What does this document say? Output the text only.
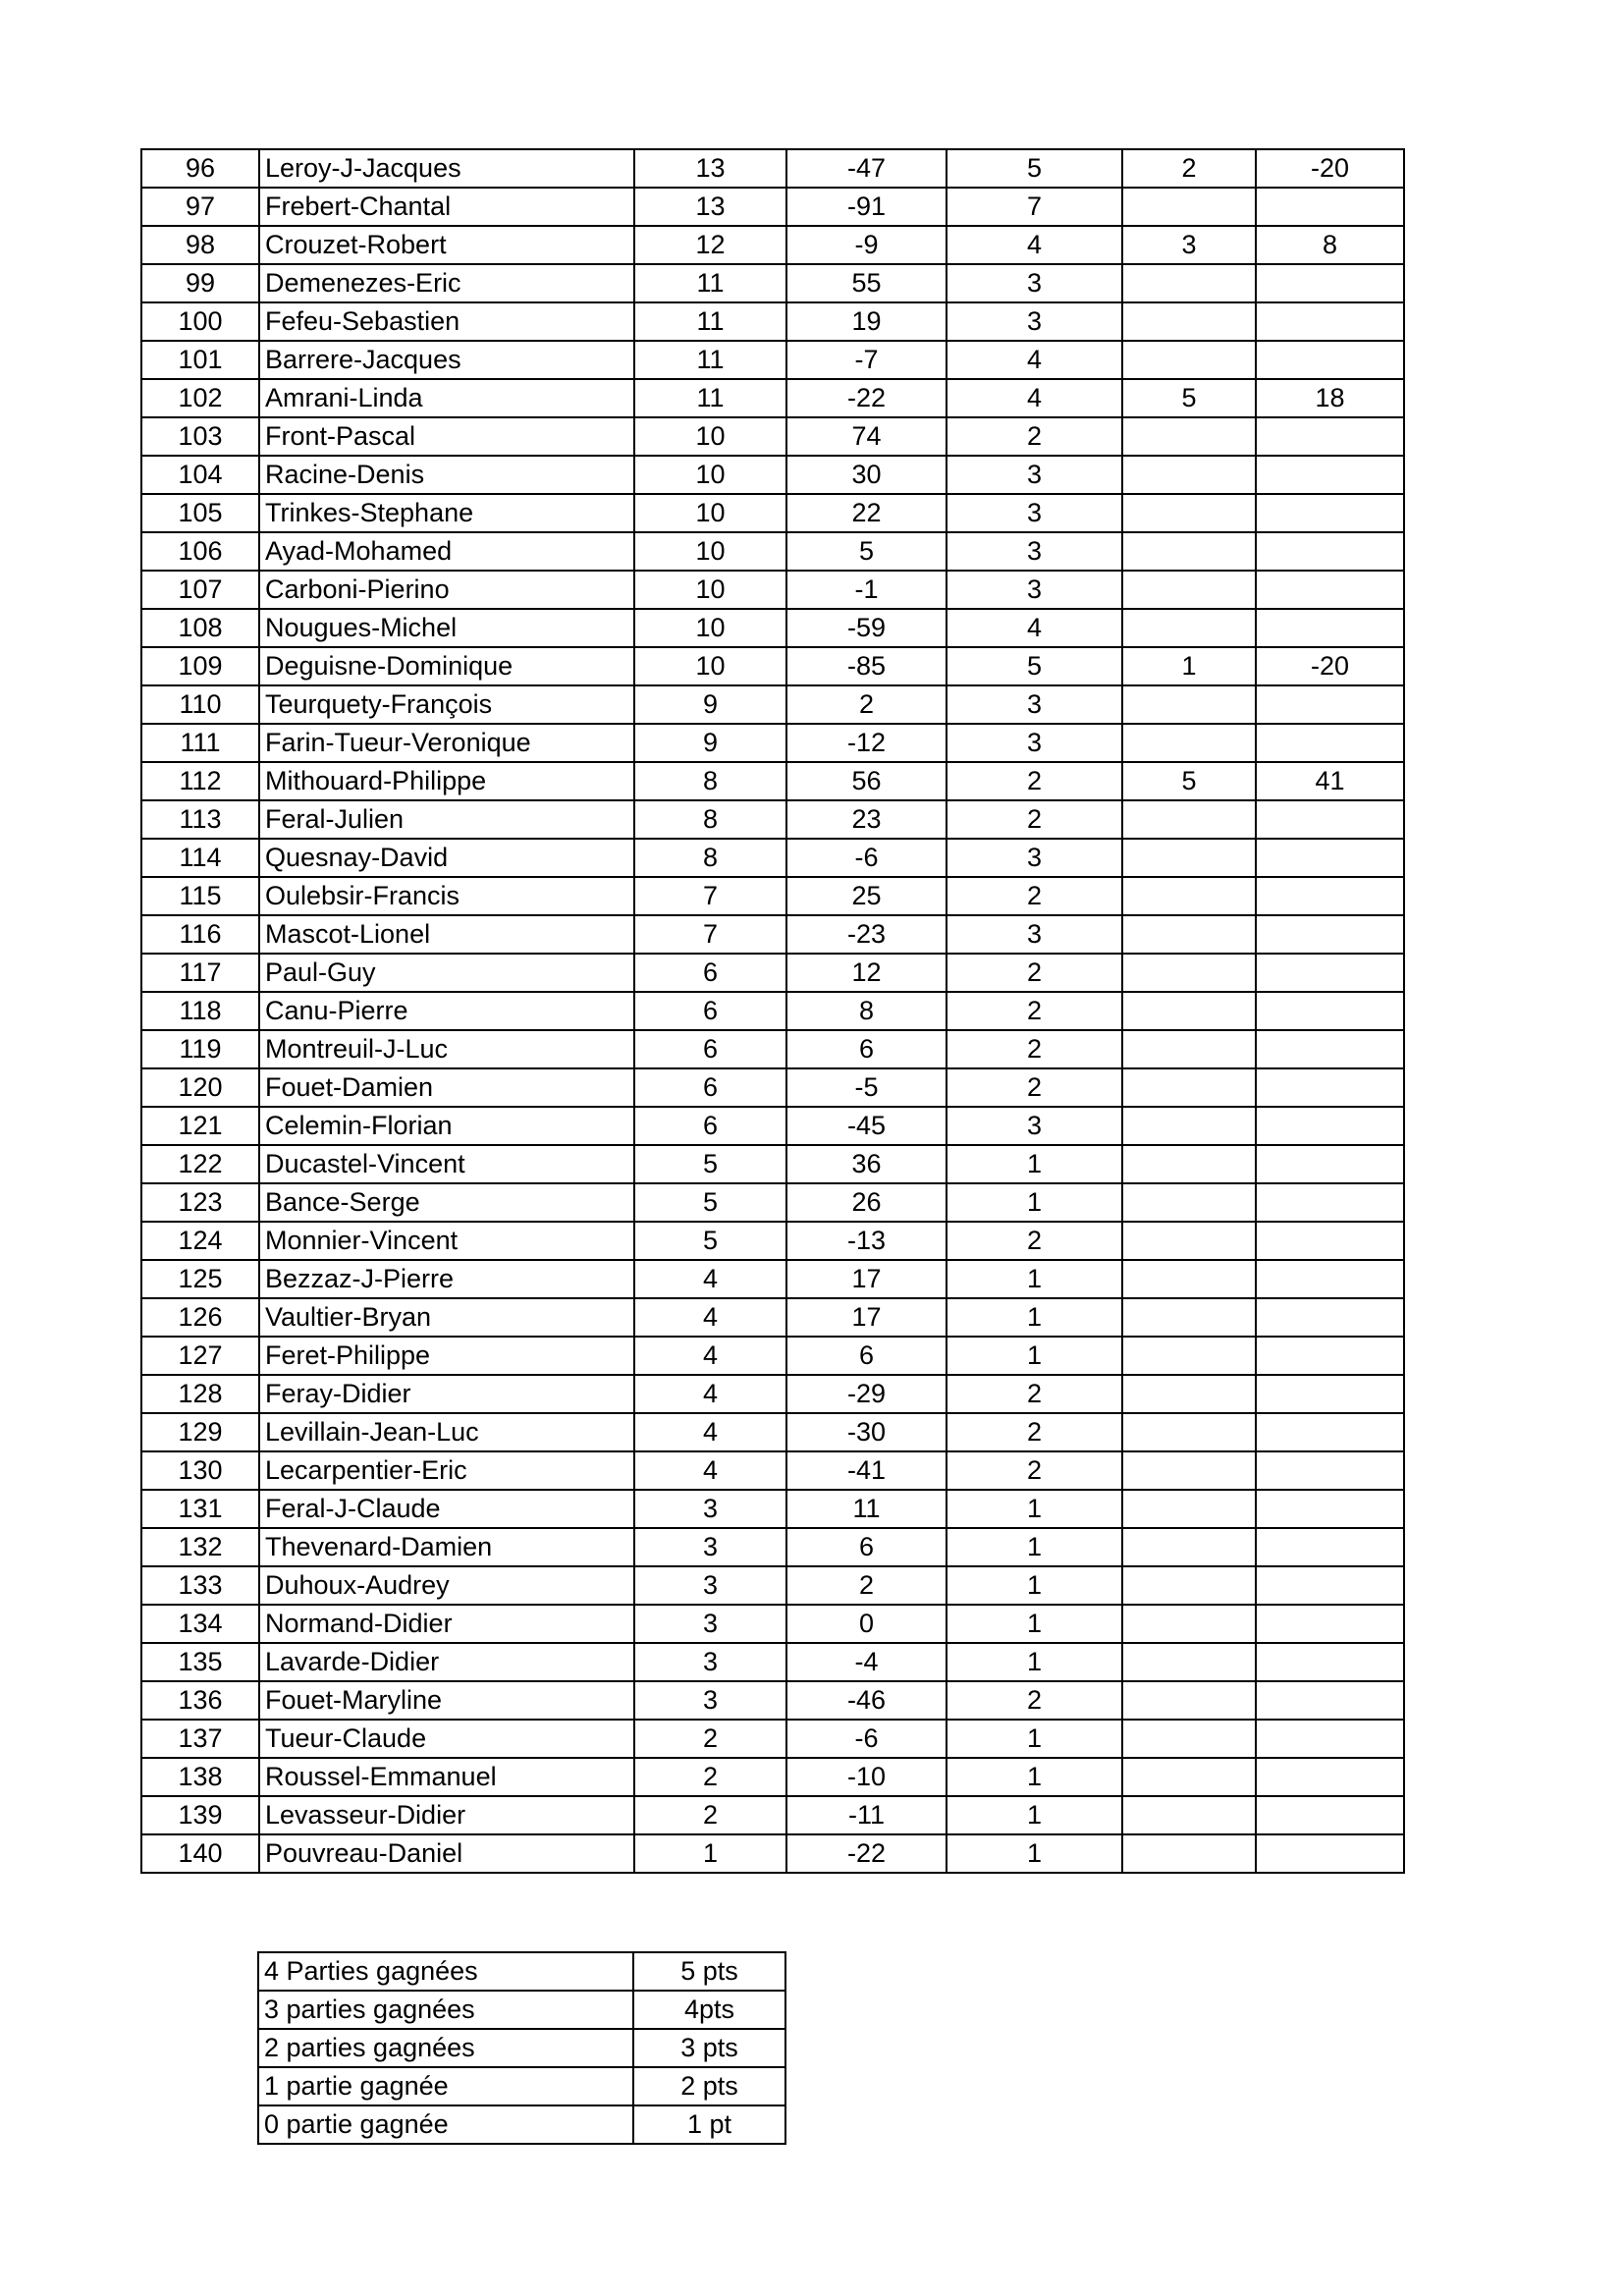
96	Leroy-J-Jacques	13	-47	5	2	-20
97	Frebert-Chantal	13	-91	7		
98	Crouzet-Robert	12	-9	4	3	8
99	Demenezes-Eric	11	55	3		
100	Fefeu-Sebastien	11	19	3		
101	Barrere-Jacques	11	-7	4		
102	Amrani-Linda	11	-22	4	5	18
103	Front-Pascal	10	74	2		
104	Racine-Denis	10	30	3		
105	Trinkes-Stephane	10	22	3		
106	Ayad-Mohamed	10	5	3		
107	Carboni-Pierino	10	-1	3		
108	Nougues-Michel	10	-59	4		
109	Deguisne-Dominique	10	-85	5	1	-20
110	Teurquety-François	9	2	3		
111	Farin-Tueur-Veronique	9	-12	3		
112	Mithouard-Philippe	8	56	2	5	41
113	Feral-Julien	8	23	2		
114	Quesnay-David	8	-6	3		
115	Oulebsir-Francis	7	25	2		
116	Mascot-Lionel	7	-23	3		
117	Paul-Guy	6	12	2		
118	Canu-Pierre	6	8	2		
119	Montreuil-J-Luc	6	6	2		
120	Fouet-Damien	6	-5	2		
121	Celemin-Florian	6	-45	3		
122	Ducastel-Vincent	5	36	1		
123	Bance-Serge	5	26	1		
124	Monnier-Vincent	5	-13	2		
125	Bezzaz-J-Pierre	4	17	1		
126	Vaultier-Bryan	4	17	1		
127	Feret-Philippe	4	6	1		
128	Feray-Didier	4	-29	2		
129	Levillain-Jean-Luc	4	-30	2		
130	Lecarpentier-Eric	4	-41	2		
131	Feral-J-Claude	3	11	1		
132	Thevenard-Damien	3	6	1		
133	Duhoux-Audrey	3	2	1		
134	Normand-Didier	3	0	1		
135	Lavarde-Didier	3	-4	1		
136	Fouet-Maryline	3	-46	2		
137	Tueur-Claude	2	-6	1		
138	Roussel-Emmanuel	2	-10	1		
139	Levasseur-Didier	2	-11	1		
140	Pouvreau-Daniel	1	-22	1		
4 Parties gagnées	5 pts
3 parties gagnées	4pts
2 parties gagnées	3 pts
1 partie gagnée	2 pts
0 partie gagnée	1 pt
